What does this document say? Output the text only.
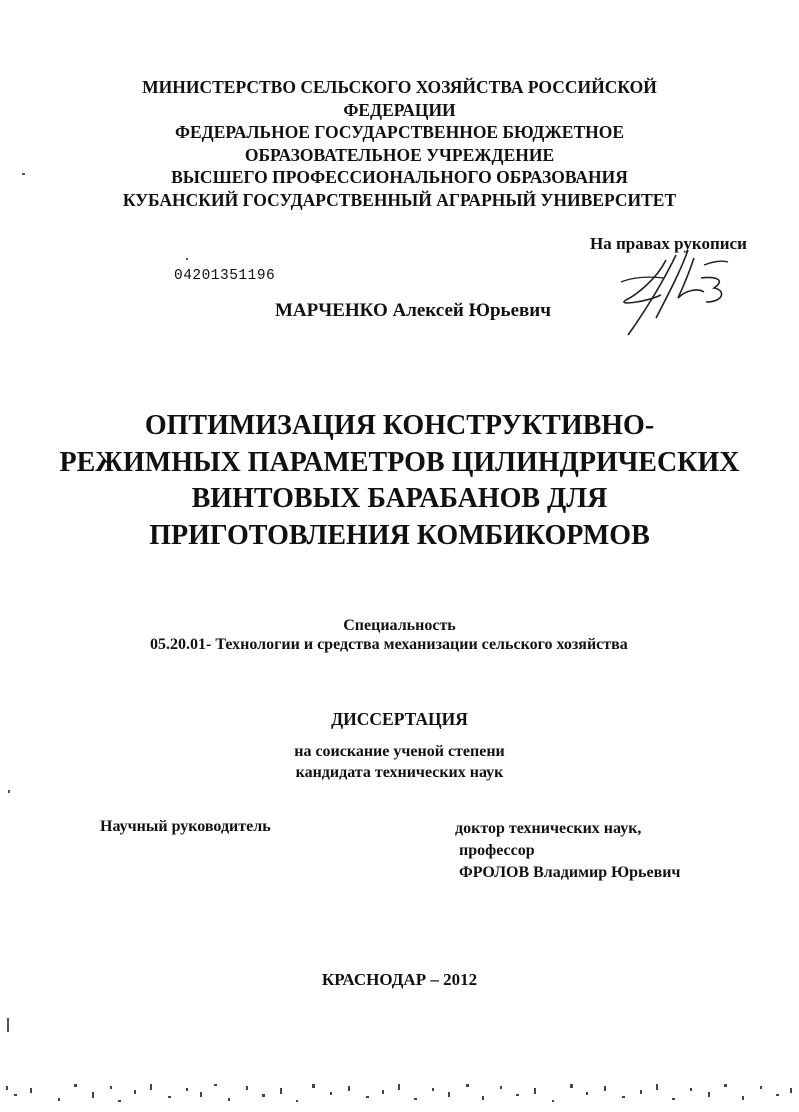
МИНИСТЕРСТВО СЕЛЬСКОГО ХОЗЯЙСТВА РОССИЙСКОЙ
ФЕДЕРАЦИИ
ФЕДЕРАЛЬНОЕ ГОСУДАРСТВЕННОЕ БЮДЖЕТНОЕ
ОБРАЗОВАТЕЛЬНОЕ УЧРЕЖДЕНИЕ
ВЫСШЕГО ПРОФЕССИОНАЛЬНОГО ОБРАЗОВАНИЯ
КУБАНСКИЙ ГОСУДАРСТВЕННЫЙ АГРАРНЫЙ УНИВЕРСИТЕТ
На правах рукописи
04201351196
МАРЧЕНКО Алексей Юрьевич
ОПТИМИЗАЦИЯ КОНСТРУКТИВНО-
РЕЖИМНЫХ ПАРАМЕТРОВ ЦИЛИНДРИЧЕСКИХ
ВИНТОВЫХ БАРАБАНОВ ДЛЯ
ПРИГОТОВЛЕНИЯ КОМБИКОРМОВ
Специальность
05.20.01- Технологии и средства механизации сельского хозяйства
ДИССЕРТАЦИЯ
на соискание ученой степени
кандидата технических наук
Научный руководитель	доктор технических наук,
профессор
ФРОЛОВ Владимир Юрьевич
КРАСНОДАР – 2012
